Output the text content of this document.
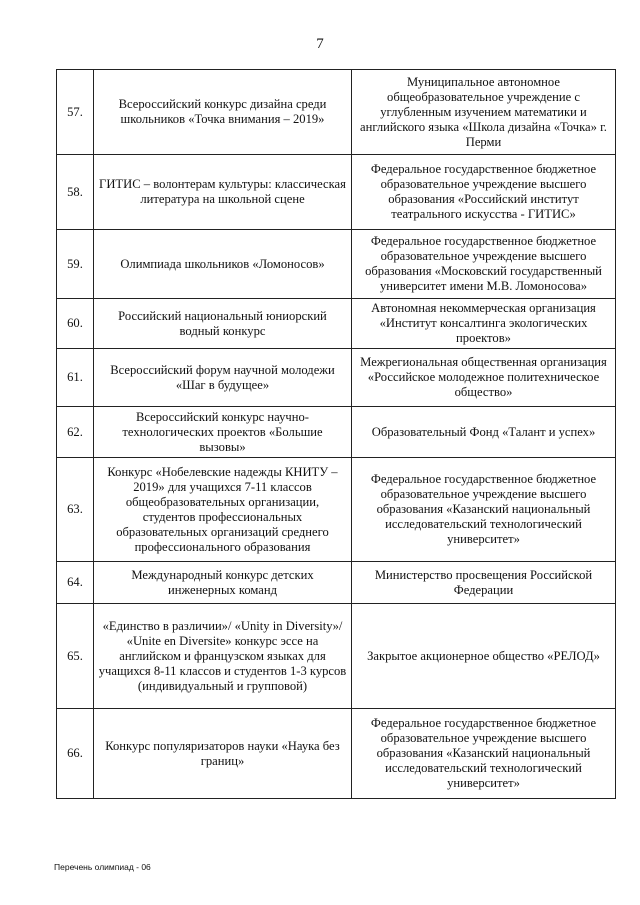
7
57.	Всероссийский конкурс дизайна среди школьников «Точка внимания – 2019»	Муниципальное автономное общеобразовательное учреждение с углубленным изучением математики и английского языка «Школа дизайна «Точка» г. Перми
58.	ГИТИС – волонтерам культуры: классическая литература на школьной сцене	Федеральное государственное бюджетное образовательное учреждение высшего образования «Российский институт театрального искусства - ГИТИС»
59.	Олимпиада школьников «Ломоносов»	Федеральное государственное бюджетное образовательное учреждение высшего образования «Московский государственный университет имени М.В. Ломоносова»
60.	Российский национальный юниорский водный конкурс	Автономная некоммерческая организация «Институт консалтинга экологических проектов»
61.	Всероссийский форум научной молодежи «Шаг в будущее»	Межрегиональная общественная организация «Российское молодежное политехническое общество»
62.	Всероссийский конкурс научно-технологических проектов «Большие вызовы»	Образовательный Фонд «Талант и успех»
63.	Конкурс «Нобелевские надежды КНИТУ – 2019» для учащихся 7-11 классов общеобразовательных организации, студентов профессиональных образовательных организаций среднего профессионального образования	Федеральное государственное бюджетное образовательное учреждение высшего образования «Казанский национальный исследовательский технологический университет»
64.	Международный конкурс детских инженерных команд	Министерство просвещения Российской Федерации
65.	«Единство в различии»/ «Unity in Diversity»/ «Unite en Diversite» конкурс эссе на английском и французском языках для учащихся 8-11 классов и студентов 1-3 курсов (индивидуальный и групповой)	Закрытое акционерное общество «РЕЛОД»
66.	Конкурс популяризаторов науки «Наука без границ»	Федеральное государственное бюджетное образовательное учреждение высшего образования «Казанский национальный исследовательский технологический университет»
Перечень олимпиад - 06
